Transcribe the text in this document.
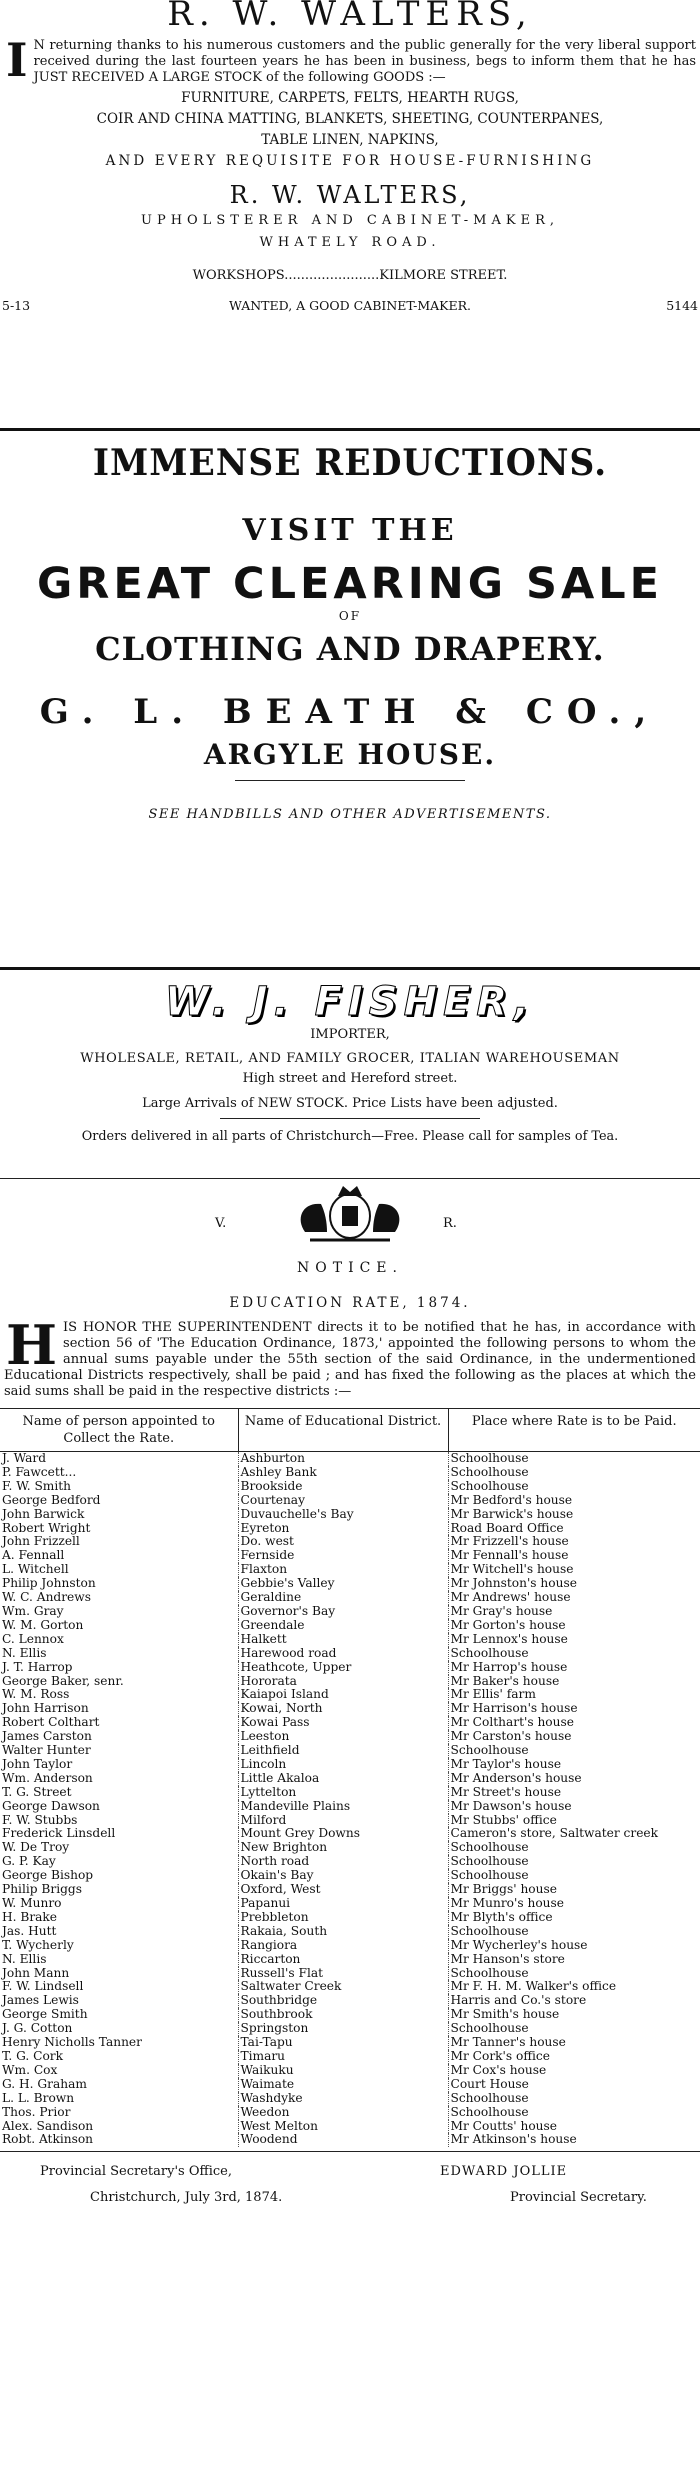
R. W. WALTERS,
I N returning thanks to his numerous customers and the public generally for the very liberal support received during the last fourteen years he has been in business, begs to inform them that he has JUST RECEIVED A LARGE STOCK of the following GOODS :—
FURNITURE, CARPETS, FELTS, HEARTH RUGS,
COIR AND CHINA MATTING, BLANKETS, SHEETING, COUNTERPANES,
TABLE LINEN, NAPKINS,
AND EVERY REQUISITE FOR HOUSE-FURNISHING
R. W. WALTERS,
UPHOLSTERER AND CABINET-MAKER,
WHATELY ROAD.
WORKSHOPS.......................KILMORE STREET.
5-13	WANTED, A GOOD CABINET-MAKER.	5144
IMMENSE REDUCTIONS.
VISIT THE
GREAT CLEARING SALE
OF
CLOTHING AND DRAPERY.
G. L. BEATH & CO.,
ARGYLE HOUSE.
SEE HANDBILLS AND OTHER ADVERTISEMENTS.
W. J. FISHER,
IMPORTER,
WHOLESALE, RETAIL, AND FAMILY GROCER, ITALIAN WAREHOUSEMAN
High street and Hereford street.
Large Arrivals of NEW STOCK. Price Lists have been adjusted.
Orders delivered in all parts of Christchurch—Free. Please call for samples of Tea.
V.	R.
NOTICE.
EDUCATION RATE, 1874.
H IS HONOR THE SUPERINTENDENT directs it to be notified that he has, in accordance with section 56 of 'The Education Ordinance, 1873,' appointed the following persons to whom the annual sums payable under the 55th section of the said Ordinance, in the undermentioned Educational Districts respectively, shall be paid ; and has fixed the following as the places at which the said sums shall be paid in the respective districts :—
Name of person appointed to Collect the Rate.	Name of Educational District.	Place where Rate is to be Paid.
J. Ward	Ashburton	Schoolhouse
P. Fawcett...	Ashley Bank	Schoolhouse
F. W. Smith	Brookside	Schoolhouse
George Bedford	Courtenay	Mr Bedford's house
John Barwick	Duvauchelle's Bay	Mr Barwick's house
Robert Wright	Eyreton	Road Board Office
John Frizzell	Do. west	Mr Frizzell's house
A. Fennall	Fernside	Mr Fennall's house
L. Witchell	Flaxton	Mr Witchell's house
Philip Johnston	Gebbie's Valley	Mr Johnston's house
W. C. Andrews	Geraldine	Mr Andrews' house
Wm. Gray	Governor's Bay	Mr Gray's house
W. M. Gorton	Greendale	Mr Gorton's house
C. Lennox	Halkett	Mr Lennox's house
N. Ellis	Harewood road	Schoolhouse
J. T. Harrop	Heathcote, Upper	Mr Harrop's house
George Baker, senr.	Hororata	Mr Baker's house
W. M. Ross	Kaiapoi Island	Mr Ellis' farm
John Harrison	Kowai, North	Mr Harrison's house
Robert Colthart	Kowai Pass	Mr Colthart's house
James Carston	Leeston	Mr Carston's house
Walter Hunter	Leithfield	Schoolhouse
John Taylor	Lincoln	Mr Taylor's house
Wm. Anderson	Little Akaloa	Mr Anderson's house
T. G. Street	Lyttelton	Mr Street's house
George Dawson	Mandeville Plains	Mr Dawson's house
F. W. Stubbs	Milford	Mr Stubbs' office
Frederick Linsdell	Mount Grey Downs	Cameron's store, Saltwater creek
W. De Troy	New Brighton	Schoolhouse
G. P. Kay	North road	Schoolhouse
George Bishop	Okain's Bay	Schoolhouse
Philip Briggs	Oxford, West	Mr Briggs' house
W. Munro	Papanui	Mr Munro's house
H. Brake	Prebbleton	Mr Blyth's office
Jas. Hutt	Rakaia, South	Schoolhouse
T. Wycherly	Rangiora	Mr Wycherley's house
N. Ellis	Riccarton	Mr Hanson's store
John Mann	Russell's Flat	Schoolhouse
F. W. Lindsell	Saltwater Creek	Mr F. H. M. Walker's office
James Lewis	Southbridge	Harris and Co.'s store
George Smith	Southbrook	Mr Smith's house
J. G. Cotton	Springston	Schoolhouse
Henry Nicholls Tanner	Tai-Tapu	Mr Tanner's house
T. G. Cork	Timaru	Mr Cork's office
Wm. Cox	Waikuku	Mr Cox's house
G. H. Graham	Waimate	Court House
L. L. Brown	Washdyke	Schoolhouse
Thos. Prior	Weedon	Schoolhouse
Alex. Sandison	West Melton	Mr Coutts' house
Robt. Atkinson	Woodend	Mr Atkinson's house
Provincial Secretary's Office,
Christchurch, July 3rd, 1874.
EDWARD JOLLIE
Provincial Secretary.
